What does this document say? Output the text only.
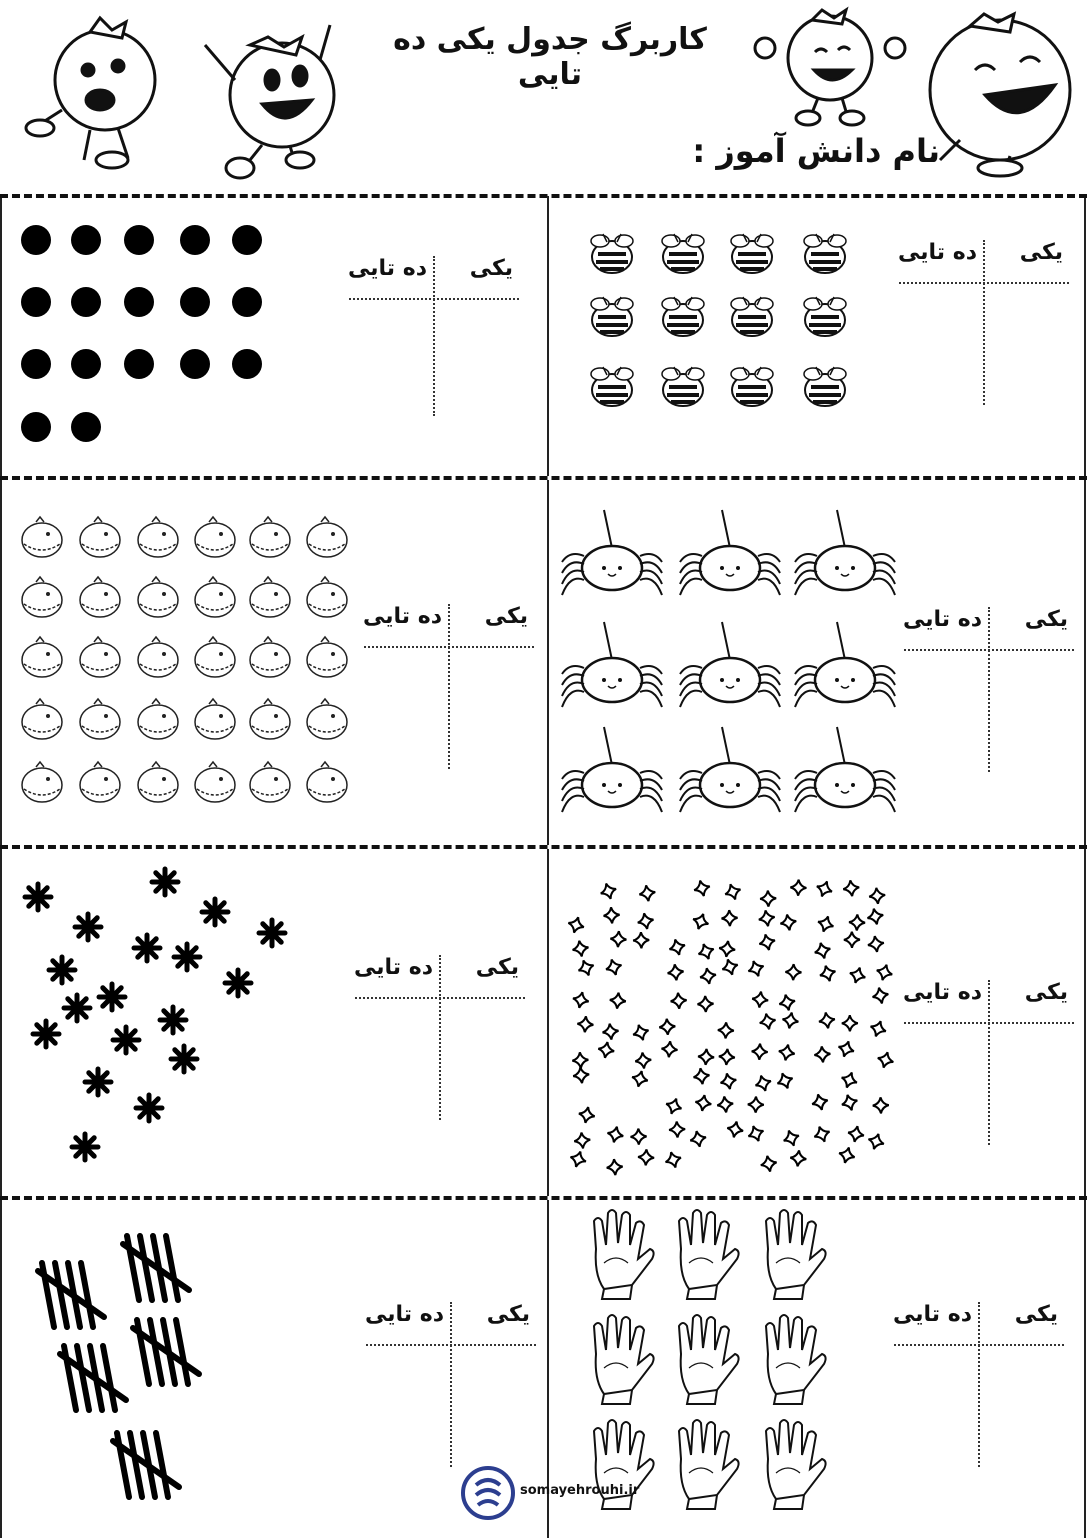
کاربرگ جدول یکی ده تایی
نام دانش آموز :
یکی
ده تایی
یکی
ده تایی
یکی
ده تایی	یکی
ده تایی
یکی
ده تایی
یکی
ده تایی
یکی
ده تایی	یکی
ده تایی
somayehrouhi.ir
